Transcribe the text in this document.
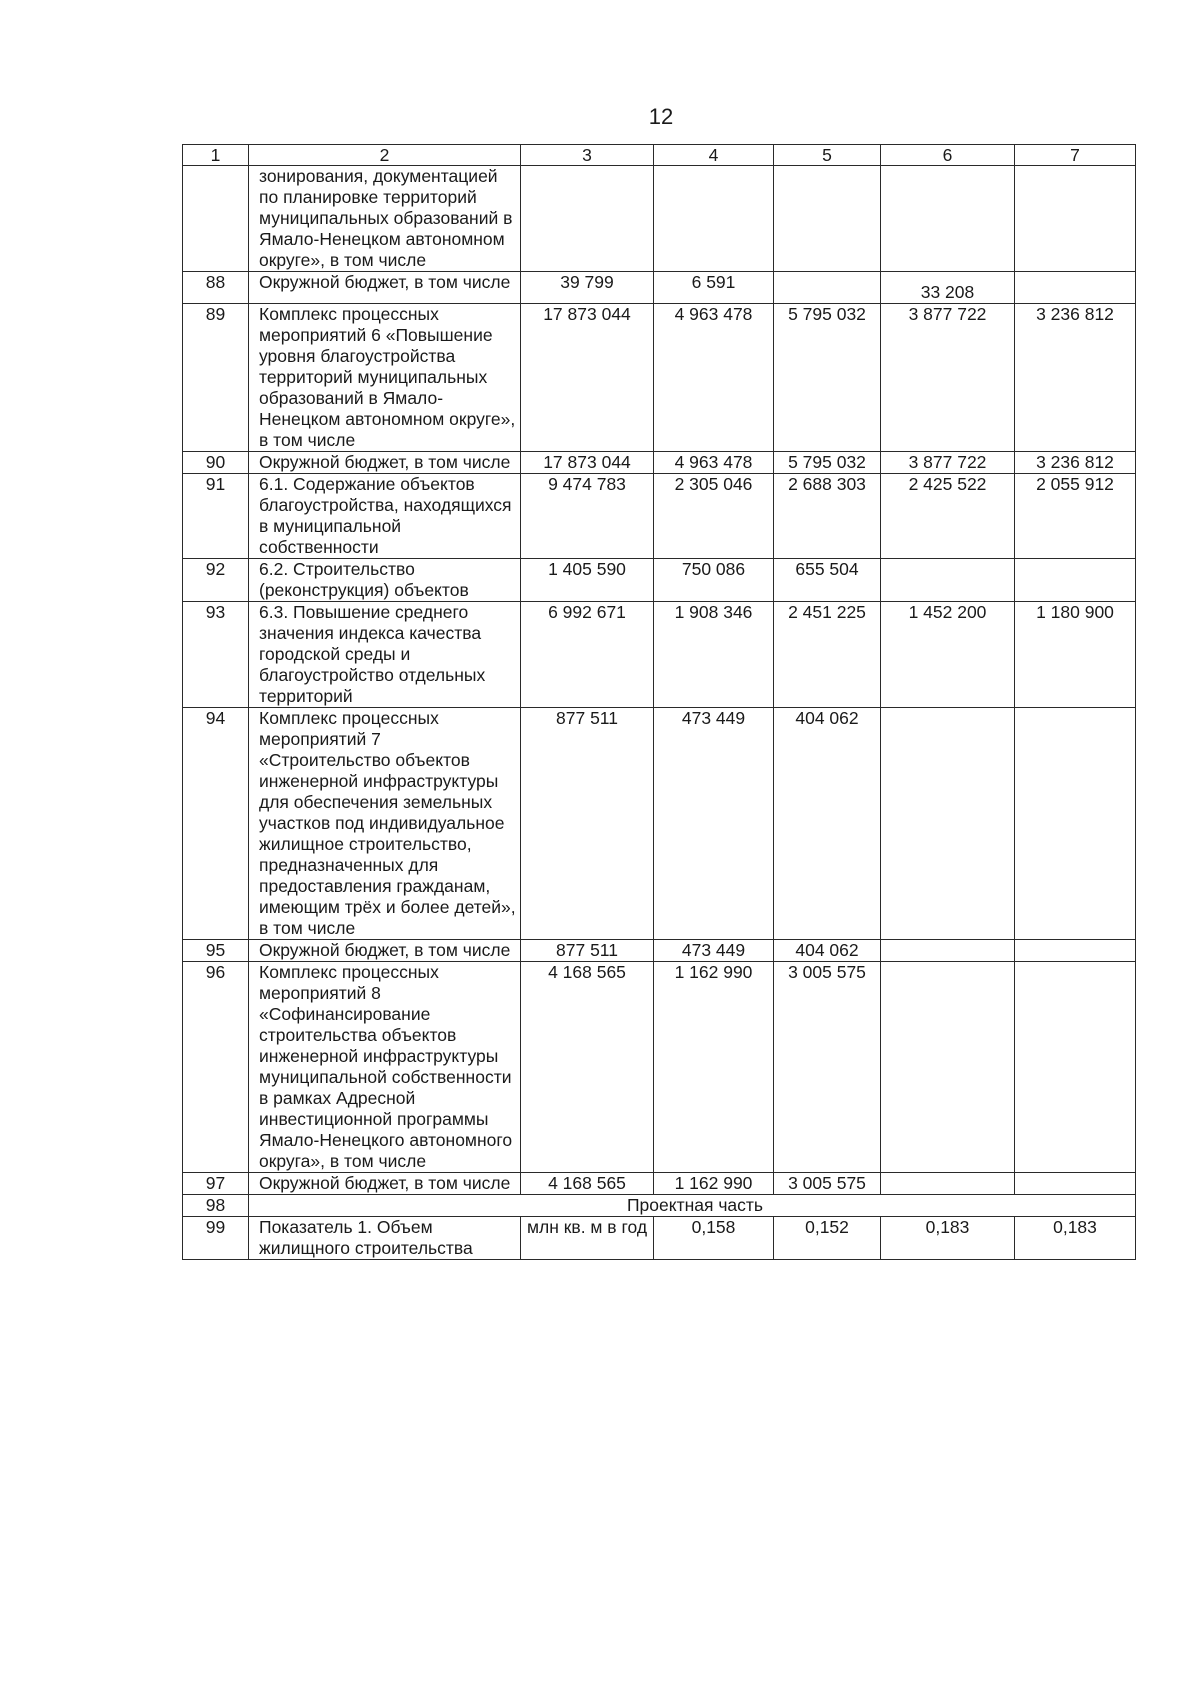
12
1	2	3	4	5	6	7
	зонирования, документацией по планировке территорий муниципальных образований в Ямало-Ненецком автономном округе», в том числе					
88	Окружной бюджет, в том числе	39 799	6 591		33 208	
89	Комплекс процессных мероприятий 6 «Повышение уровня благоустройства территорий муниципальных образований в Ямало-Ненецком автономном округе», в том числе	17 873 044	4 963 478	5 795 032	3 877 722	3 236 812
90	Окружной бюджет, в том числе	17 873 044	4 963 478	5 795 032	3 877 722	3 236 812
91	6.1. Содержание объектов благоустройства, находящихся в муниципальной собственности	9 474 783	2 305 046	2 688 303	2 425 522	2 055 912
92	6.2. Строительство (реконструкция) объектов	1 405 590	750 086	655 504		
93	6.3. Повышение среднего значения индекса качества городской среды и благоустройство отдельных территорий	6 992 671	1 908 346	2 451 225	1 452 200	1 180 900
94	Комплекс процессных мероприятий 7 «Строительство объектов инженерной инфраструктуры для обеспечения земельных участков под индивидуальное жилищное строительство, предназначенных для предоставления гражданам, имеющим трёх и более детей», в том числе	877 511	473 449	404 062		
95	Окружной бюджет, в том числе	877 511	473 449	404 062		
96	Комплекс процессных мероприятий 8 «Софинансирование строительства объектов инженерной инфраструктуры муниципальной собственности в рамках Адресной инвестиционной программы Ямало-Ненецкого автономного округа», в том числе	4 168 565	1 162 990	3 005 575		
97	Окружной бюджет, в том числе	4 168 565	1 162 990	3 005 575		
98	Проектная часть					
99	Показатель 1. Объем жилищного строительства	млн кв. м в год	0,158	0,152	0,183	0,183
